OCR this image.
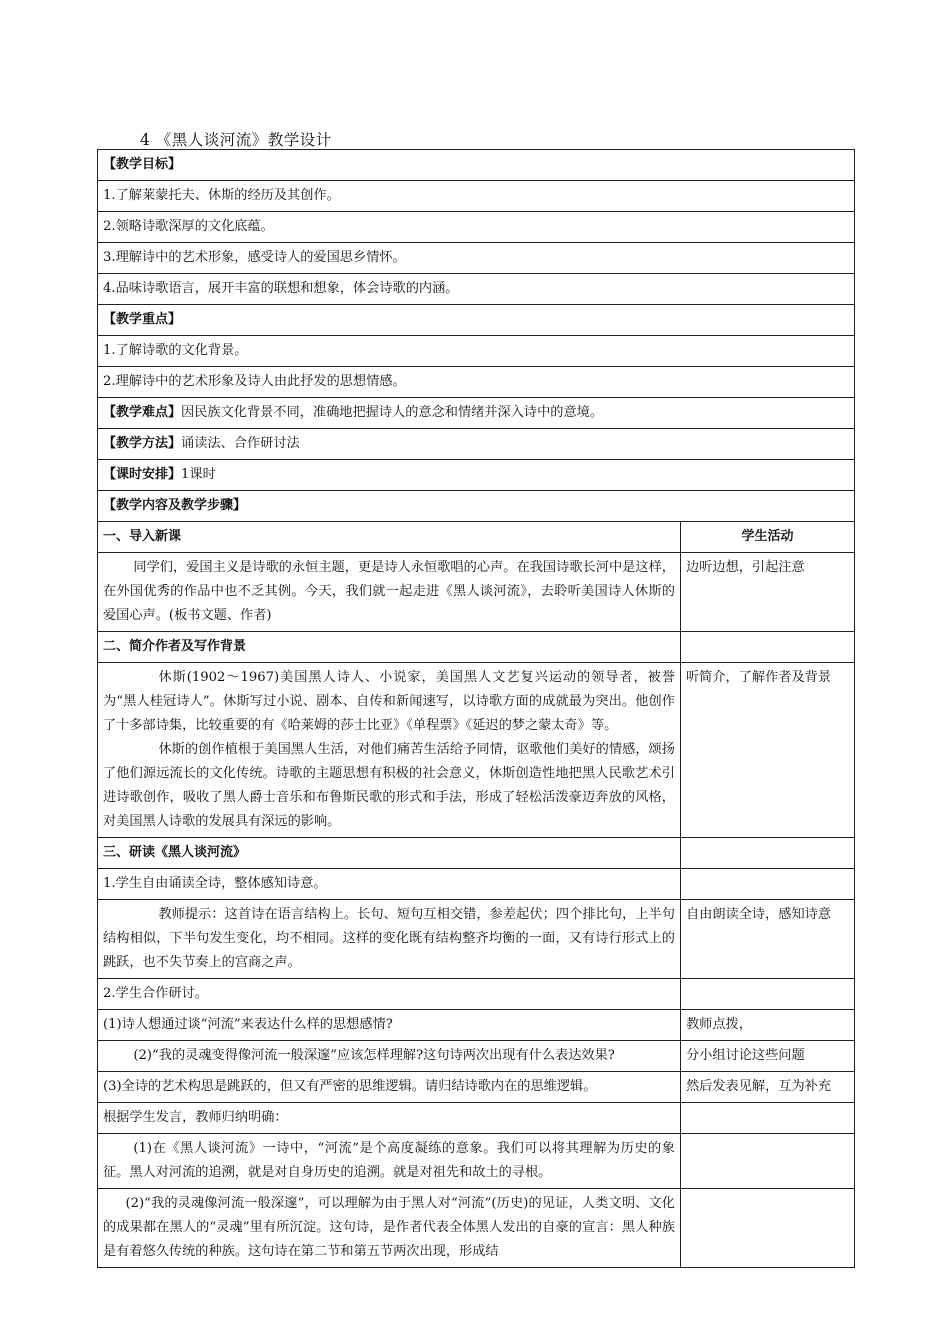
4 《黑人谈河流》教学设计
【教学目标】	
1.了解莱蒙托夫、休斯的经历及其创作。	
2.领略诗歌深厚的文化底蕴。	
3.理解诗中的艺术形象，感受诗人的爱国思乡情怀。	
4.品味诗歌语言，展开丰富的联想和想象，体会诗歌的内涵。	
【教学重点】	
1.了解诗歌的文化背景。	
2.理解诗中的艺术形象及诗人由此抒发的思想情感。	
【教学难点】因民族文化背景不同，准确地把握诗人的意念和情绪并深入诗中的意境。	
【教学方法】诵读法、合作研讨法	
【课时安排】1课时	
【教学内容及教学步骤】	
一、导入新课	学生活动

同学们，爱国主义是诗歌的永恒主题，更是诗人永恒歌唱的心声。在我国诗歌长河中是这样，在外国优秀的作品中也不乏其例。今天，我们就一起走进《黑人谈河流》，去聆听美国诗人休斯的爱国心声。(板书文题、作者)	边听边想，引起注意
二、简介作者及写作背景	

休斯(1902～1967)美国黑人诗人、小说家，美国黑人文艺复兴运动的领导者，被誉为“黑人桂冠诗人”。休斯写过小说、剧本、自传和新闻速写，以诗歌方面的成就最为突出。他创作了十多部诗集，比较重要的有《哈莱姆的莎士比亚》《单程票》《延迟的梦之蒙太奇》等。

休斯的创作植根于美国黑人生活，对他们痛苦生活给予同情，讴歌他们美好的情感，颂扬了他们源远流长的文化传统。诗歌的主题思想有积极的社会意义，休斯创造性地把黑人民歌艺术引进诗歌创作，吸收了黑人爵士音乐和布鲁斯民歌的形式和手法，形成了轻松活泼豪迈奔放的风格，对美国黑人诗歌的发展具有深远的影响。	听简介，了解作者及背景
三、研读《黑人谈河流》	
1.学生自由诵读全诗，整体感知诗意。	

教师提示：这首诗在语言结构上。长句、短句互相交错，参差起伏；四个排比句，上半句结构相似，下半句发生变化，均不相同。这样的变化既有结构整齐均衡的一面，又有诗行形式上的跳跃，也不失节奏上的宫商之声。	自由朗读全诗，感知诗意
2.学生合作研讨。	
(1)诗人想通过谈“河流”来表达什么样的思想感情?	教师点拨，

(2)“我的灵魂变得像河流一般深邃”应该怎样理解?这句诗两次出现有什么表达效果?	分小组讨论这些问题
(3)全诗的艺术构思是跳跃的，但又有严密的思维逻辑。请归结诗歌内在的思维逻辑。	然后发表见解，互为补充
根据学生发言，教师归纳明确：	

(1)在《黑人谈河流》一诗中，“河流”是个高度凝练的意象。我们可以将其理解为历史的象征。黑人对河流的追溯，就是对自身历史的追溯。就是对祖先和故土的寻根。	

(2)“我的灵魂像河流一般深邃”，可以理解为由于黑人对“河流”(历史)的见证，人类文明、文化的成果都在黑人的“灵魂”里有所沉淀。这句诗，是作者代表全体黑人发出的自豪的宣言：黑人种族是有着悠久传统的种族。这句诗在第二节和第五节两次出现，形成结	
